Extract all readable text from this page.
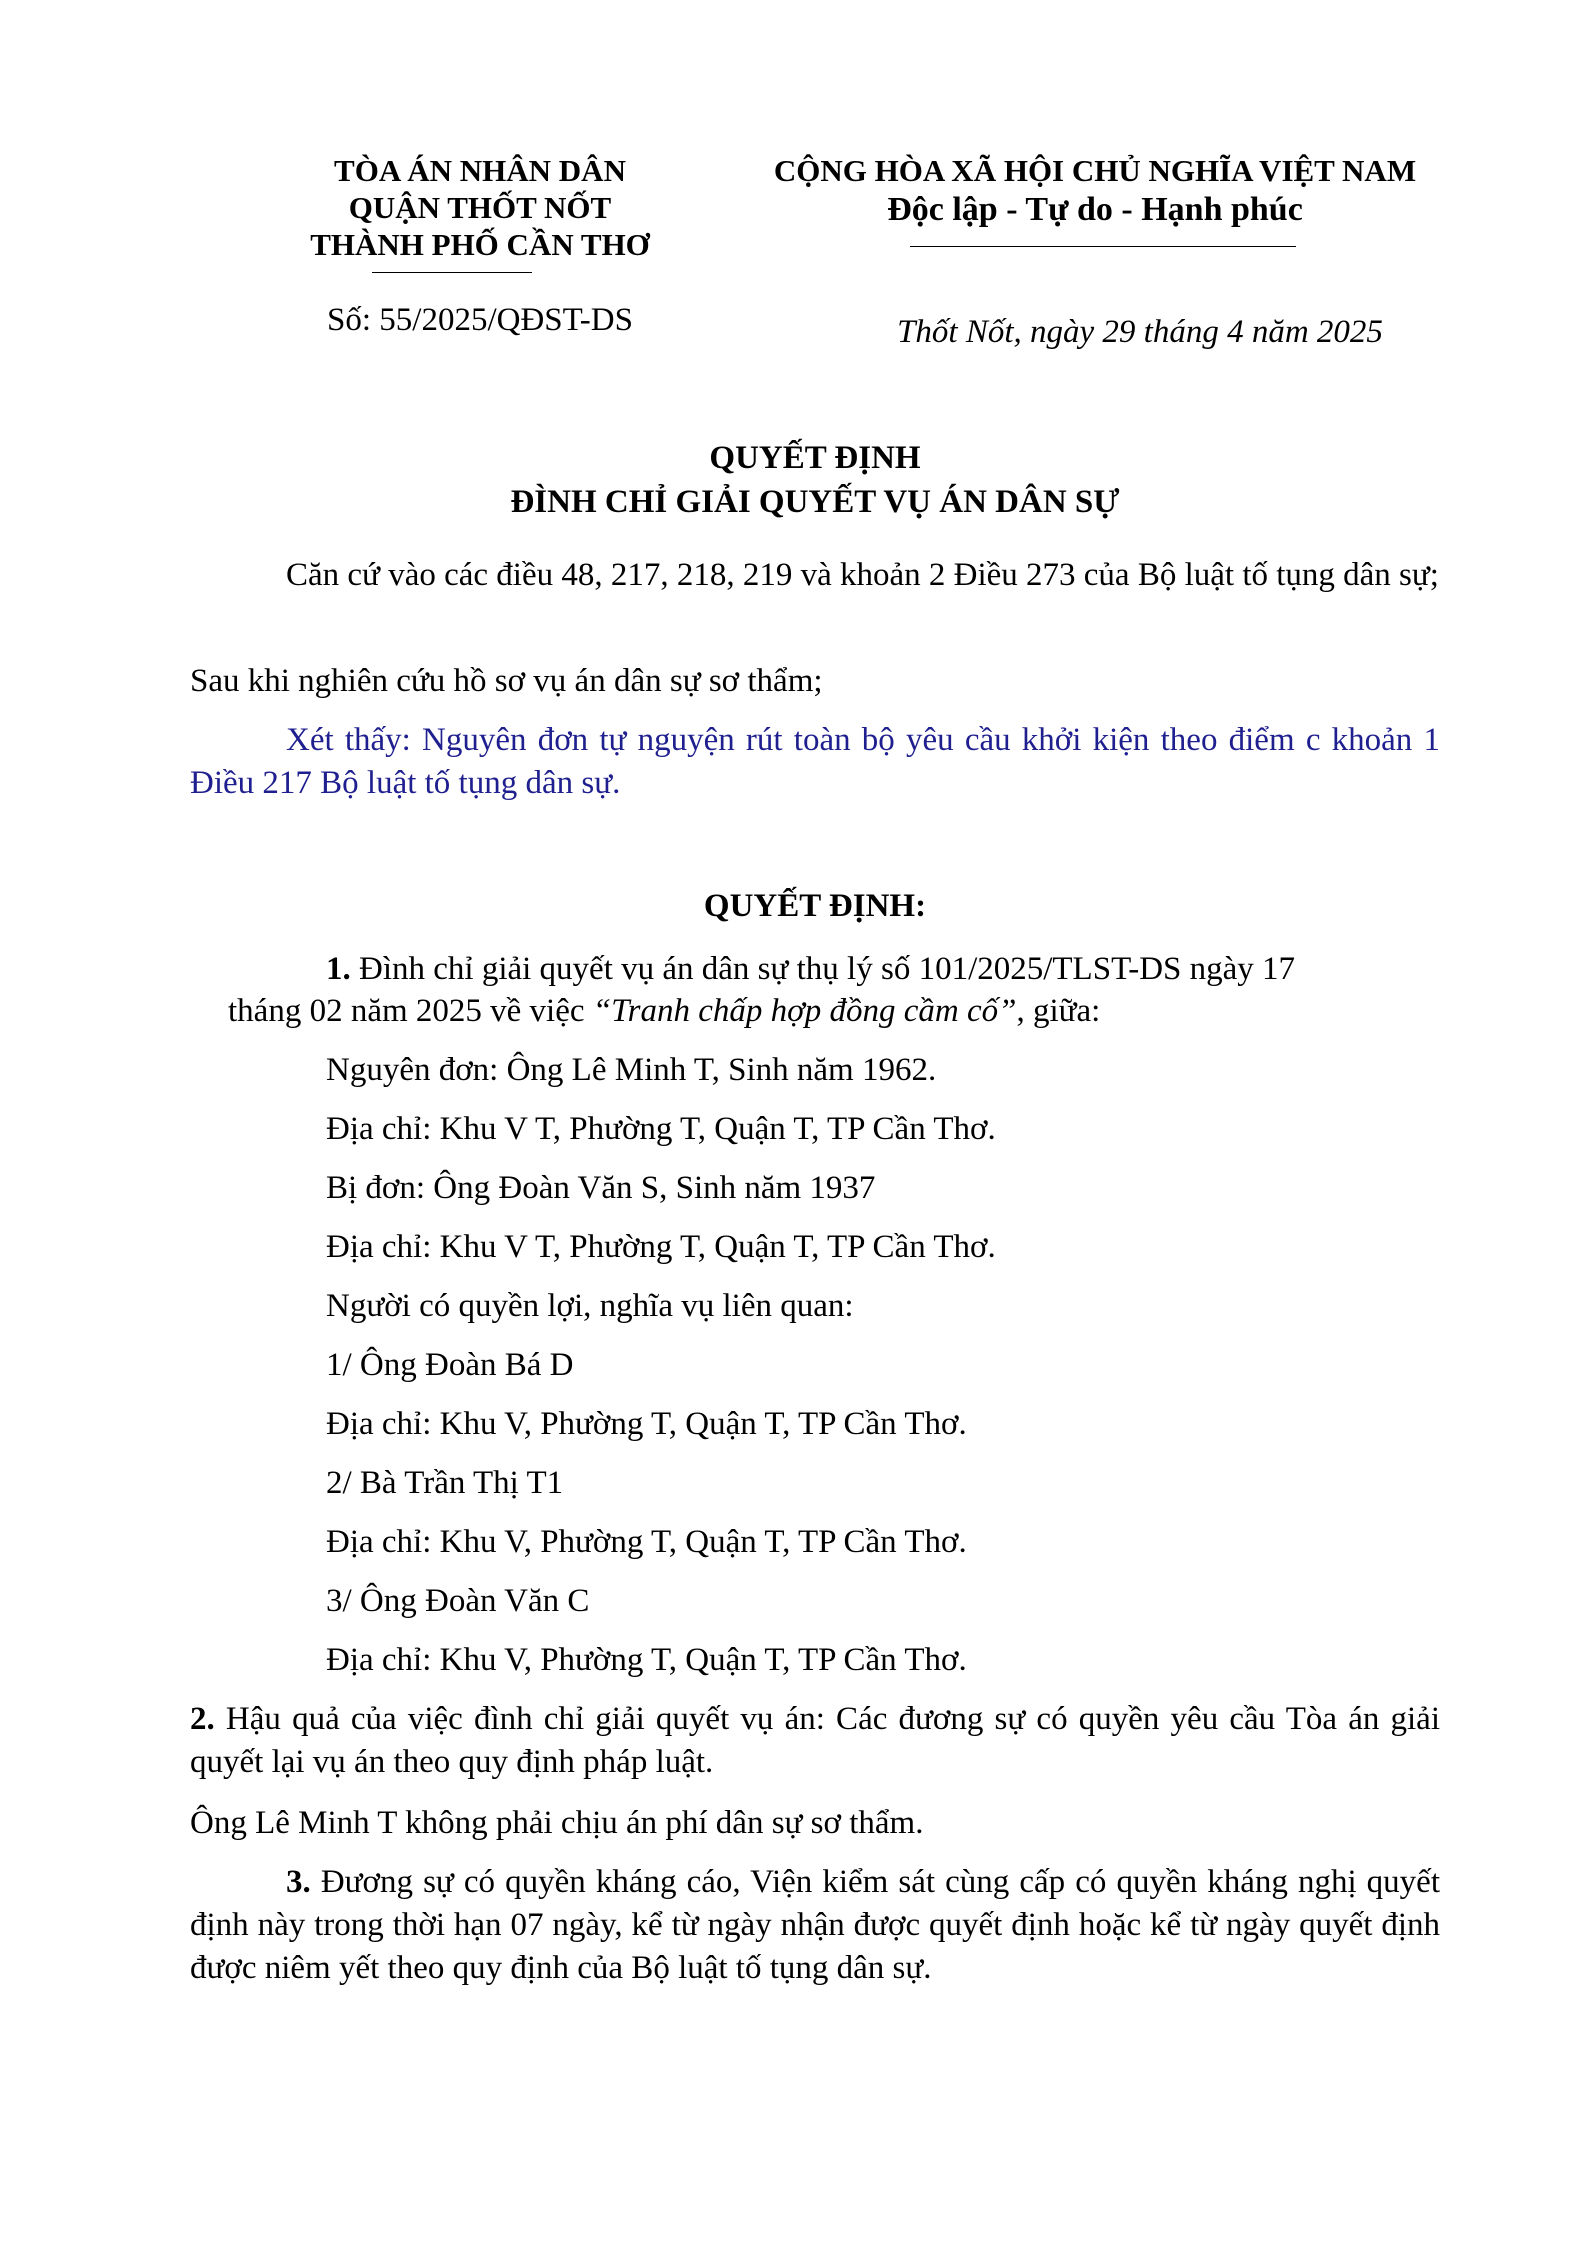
TÒA ÁN NHÂN DÂN
QUẬN THỐT NỐT
THÀNH PHỐ CẦN THƠ
Số: 55/2025/QĐST-DS
CỘNG HÒA XÃ HỘI CHỦ NGHĨA VIỆT NAM
Độc lập - Tự do - Hạnh phúc
Thốt Nốt, ngày 29 tháng 4 năm 2025
QUYẾT ĐỊNH
ĐÌNH CHỈ GIẢI QUYẾT VỤ ÁN DÂN SỰ
Căn cứ vào các điều 48, 217, 218, 219 và khoản 2 Điều 273 của Bộ luật tố tụng dân sự;
Sau khi nghiên cứu hồ sơ vụ án dân sự sơ thẩm;
Xét thấy: Nguyên đơn tự nguyện rút toàn bộ yêu cầu khởi kiện theo điểm c khoản 1 Điều 217 Bộ luật tố tụng dân sự.
QUYẾT ĐỊNH:
1. Đình chỉ giải quyết vụ án dân sự thụ lý số 101/2025/TLST-DS ngày 17
tháng 02 năm 2025 về việc “Tranh chấp hợp đồng cầm cố”, giữa:
Nguyên đơn: Ông Lê Minh T, Sinh năm 1962.
Địa chỉ: Khu V T, Phường T, Quận T, TP Cần Thơ.
Bị đơn: Ông Đoàn Văn S, Sinh năm 1937
Địa chỉ: Khu V T, Phường T, Quận T, TP Cần Thơ.
Người có quyền lợi, nghĩa vụ liên quan:
1/ Ông Đoàn Bá D
Địa chỉ: Khu V, Phường T, Quận T, TP Cần Thơ.
2/ Bà Trần Thị T1
Địa chỉ: Khu V, Phường T, Quận T, TP Cần Thơ.
3/ Ông Đoàn Văn C
Địa chỉ: Khu V, Phường T, Quận T, TP Cần Thơ.
2. Hậu quả của việc đình chỉ giải quyết vụ án: Các đương sự có quyền yêu cầu Tòa án giải quyết lại vụ án theo quy định pháp luật.
Ông Lê Minh T không phải chịu án phí dân sự sơ thẩm.
3. Đương sự có quyền kháng cáo, Viện kiểm sát cùng cấp có quyền kháng nghị quyết định này trong thời hạn 07 ngày, kể từ ngày nhận được quyết định hoặc kể từ ngày quyết định được niêm yết theo quy định của Bộ luật tố tụng dân sự.
